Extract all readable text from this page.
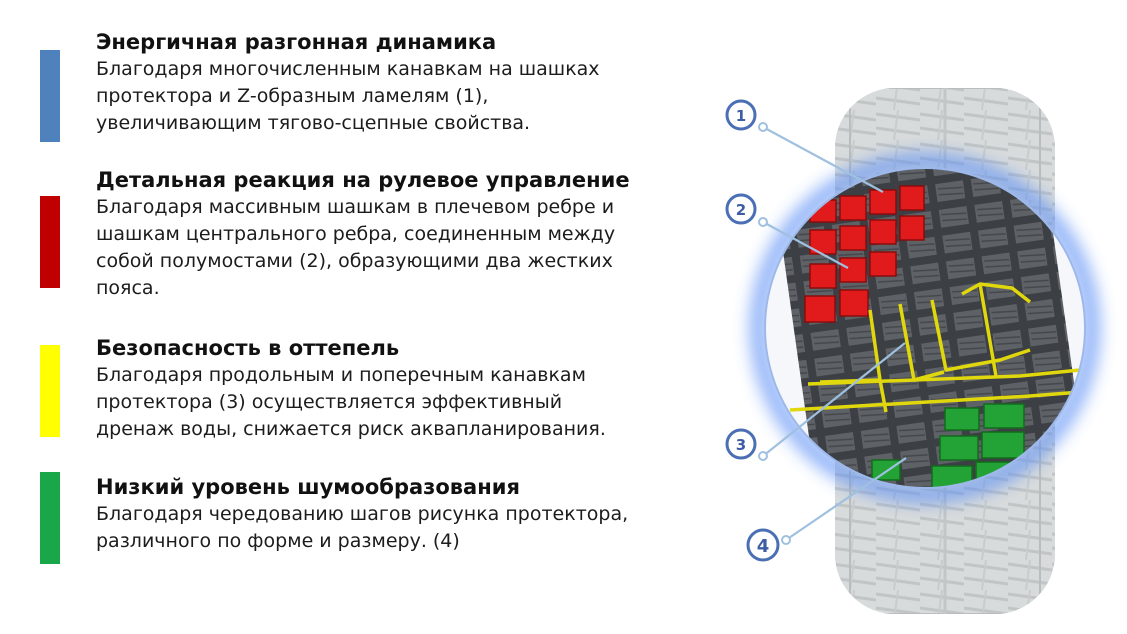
Энергичная разгонная динамика

Благодаря многочисленным канавкам на шашках

протектора и Z-образным ламелям (1),

увеличивающим тягово-сцепные свойства.

Детальная реакция на рулевое управление

Благодаря массивным шашкам в плечевом ребре и

шашкам центрального ребра, соединенным между

собой полумостами (2), образующими два жестких

пояса.

Безопасность в оттепель

Благодаря продольным и поперечным канавкам

протектора (3) осуществляется эффективный

дренаж воды, снижается риск аквапланирования.

Низкий уровень шумообразования

Благодаря чередованию шагов рисунка протектора,

различного по форме и размеру. (4)

1
2
3
4
